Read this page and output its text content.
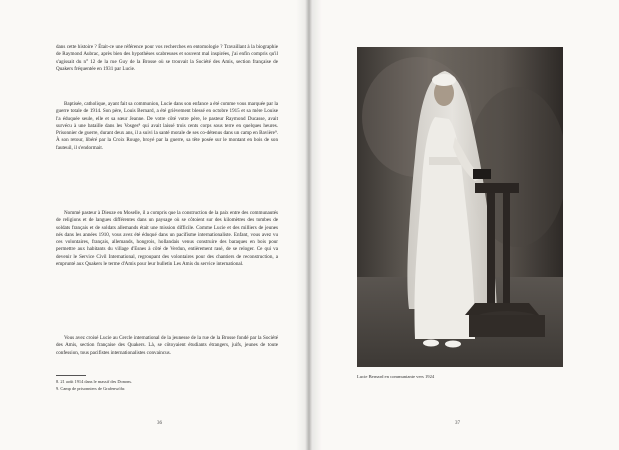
dans cette histoire ? Était-ce une référence pour vos recherches en entomologie ? Travaillant à la biographie de Raymond Aubrac, après bien des hypothèses scabreuses et souvent mal inspirées, j'ai enfin compris qu'il s'agissait du n° 12 de la rue Guy de la Brosse où se trouvait la Société des Amis, section française de Quakers fréquentée en 1931 par Lucie.

Baptisée, catholique, ayant fait sa communion, Lucie dans son enfance a été comme vous marquée par la guerre totale de 1914. Son père, Louis Bernard, a été grièvement blessé en octobre 1915 et sa mère Louise l'a éduquée seule, elle et sa sœur Jeanne. De votre côté votre père, le pasteur Raymond Ducasse, avait survécu à une bataille dans les Vosges⁸ qui avait laissé trois cents corps sous terre en quelques heures. Prisonnier de guerre, durant deux ans, il a suivi la santé morale de ses co-détenus dans un camp en Bavière⁹. À son retour, libéré par la Croix Rouge, broyé par la guerre, sa tête posée sur le montant en bois de son fauteuil, il s'endormait.

Nommé pasteur à Dieuze en Moselle, il a compris que la construction de la paix entre des communautés de religions et de langues différentes dans un paysage où se côtoient sur des kilomètres des tombes de soldats français et de soldats allemands était une mission difficile. Comme Lucie et des milliers de jeunes nés dans les années 1910, vous avez été éduqué dans un pacifisme internationaliste. Enfant, vous avez vu ces volontaires, français, allemands, hongrois, hollandais venus construire des baraques en bois pour permettre aux habitants du village d'Esnes à côté de Verdun, entièrement rasé, de se reloger. Ce qui va devenir le Service Civil International, regroupant des volontaires pour des chantiers de reconstruction, a emprunté aux Quakers le terme d'Amis pour leur bulletin Les Amis du service international.

Vous avez croisé Lucie au Cercle international de la jeunesse de la rue de la Brosse fondé par la Société des Amis, section française des Quakers. Là, se côtoyaient étudiants étrangers, juifs, jeunes de toute confession, tous pacifistes internationalistes convaincus.

8. 21 août 1914 dans le massif des Donons.
9. Camp de prisonniers de Grafenwöhr.
36	37
Lucie Bernard en communiante vers 1924
